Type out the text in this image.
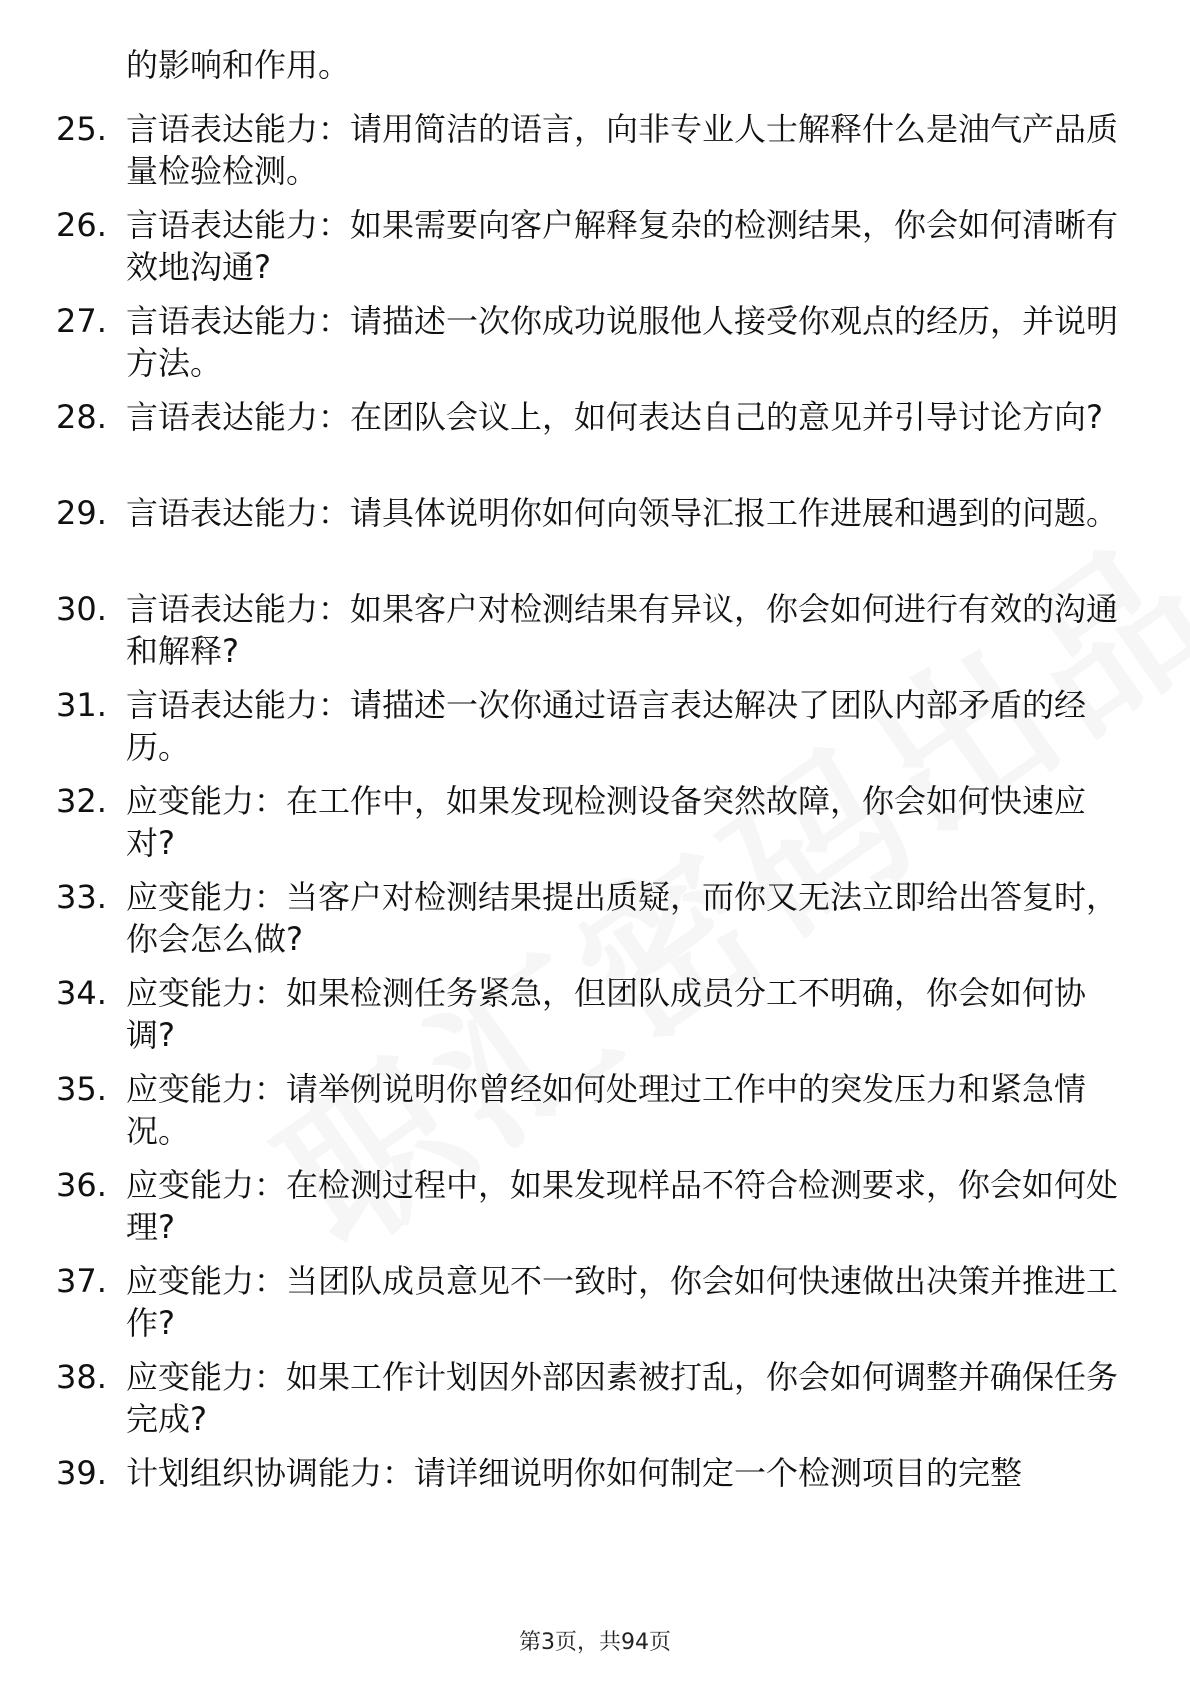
的影响和作用。
25. 言语表达能力：请用简洁的语言，向非专业人士解释什么是油气产品质量检验检测。
26. 言语表达能力：如果需要向客户解释复杂的检测结果，你会如何清晰有效地沟通?
27. 言语表达能力：请描述一次你成功说服他人接受你观点的经历，并说明方法。
28. 言语表达能力：在团队会议上，如何表达自己的意见并引导讨论方向?
29. 言语表达能力：请具体说明你如何向领导汇报工作进展和遇到的问题。
30. 言语表达能力：如果客户对检测结果有异议，你会如何进行有效的沟通和解释?
31. 言语表达能力：请描述一次你通过语言表达解决了团队内部矛盾的经历。
32. 应变能力：在工作中，如果发现检测设备突然故障，你会如何快速应对?
33. 应变能力：当客户对检测结果提出质疑，而你又无法立即给出答复时，你会怎么做?
34. 应变能力：如果检测任务紧急，但团队成员分工不明确，你会如何协调?
35. 应变能力：请举例说明你曾经如何处理过工作中的突发压力和紧急情况。
36. 应变能力：在检测过程中，如果发现样品不符合检测要求，你会如何处理?
37. 应变能力：当团队成员意见不一致时，你会如何快速做出决策并推进工作?
38. 应变能力：如果工作计划因外部因素被打乱，你会如何调整并确保任务完成?
39. 计划组织协调能力：请详细说明你如何制定一个检测项目的完整
第3页，共94页
